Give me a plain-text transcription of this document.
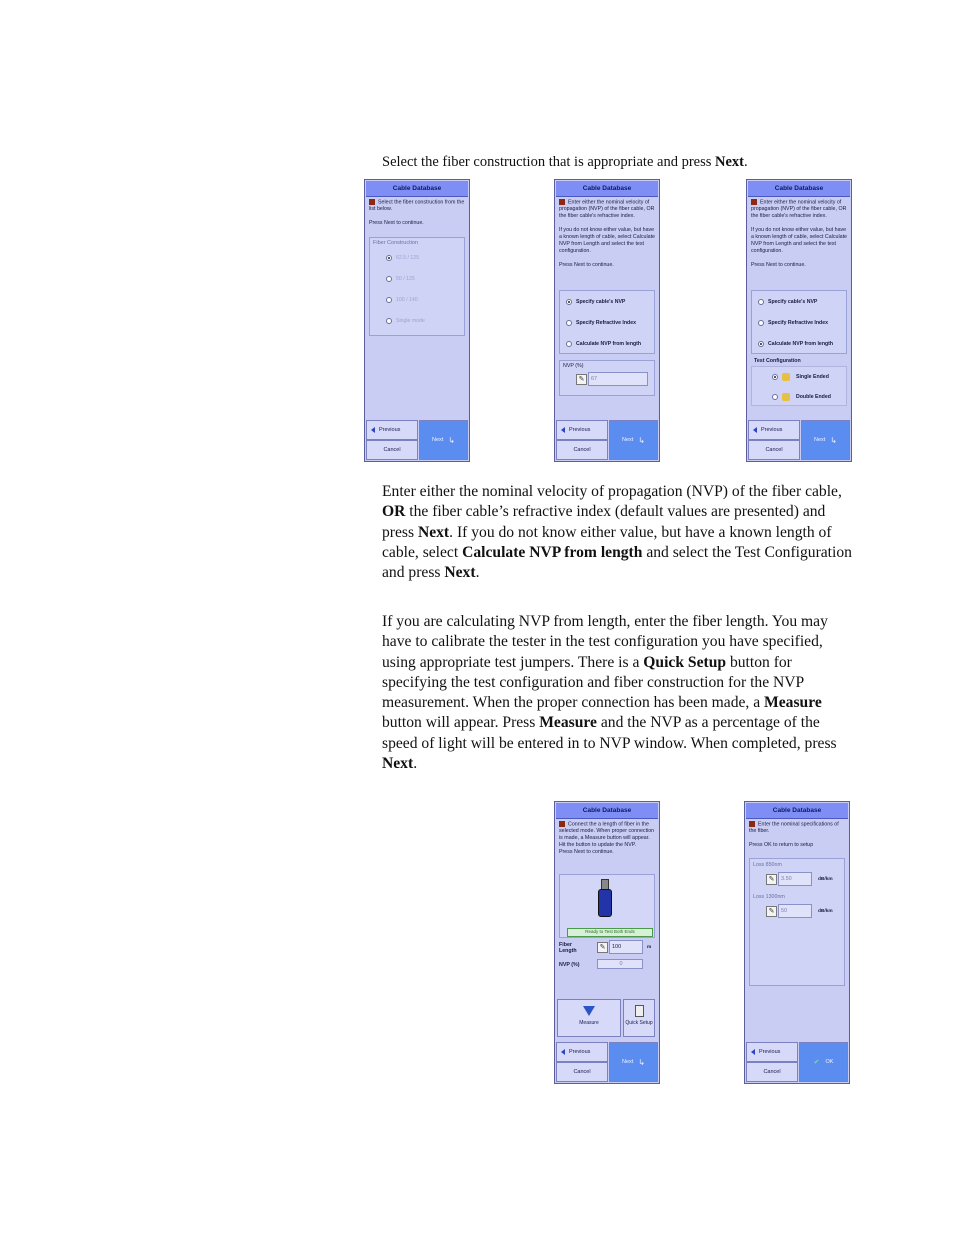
Select the fiber construction that is appropriate and press Next.
Cable Database
Select the fiber construction from the list below.

Press Next to continue.
Fiber Construction
62.5 / 125
50 / 125
100 / 140
Single mode
Previous
Cancel
Next ↳
Cable Database
Enter either the nominal velocity of propagation (NVP) of the fiber cable, OR the fiber cable's refractive index.

If you do not know either value, but have a known length of cable, select Calculate NVP from Length and select the test configuration.

Press Next to continue.
Specify cable's NVP
Specify Refractive Index
Calculate NVP from length
NVP (%)
✎	67
Previous
Cancel
Next ↳
Cable Database
Enter either the nominal velocity of propagation (NVP) of the fiber cable, OR the fiber cable's refractive index.

If you do not know either value, but have a known length of cable, select Calculate NVP from Length and select the test configuration.

Press Next to continue.
Specify cable's NVP
Specify Refractive Index
Calculate NVP from length
Test Configuration
Single Ended
Double Ended
Previous
Cancel
Next ↳

Enter either the nominal velocity of propagation (NVP) of the fiber cable, OR the fiber cable’s refractive index (default values are presented) and press Next. If you do not know either value, but have a known length of cable, select Calculate NVP from length and select the Test Configuration and press Next.

If you are calculating NVP from length, enter the fiber length. You may have to calibrate the tester in the test configuration you have specified, using appropriate test jumpers. There is a Quick Setup button for specifying the test configuration and fiber construction for the NVP measurement. When the proper connection has been made, a Measure button will appear. Press Measure and the NVP as a percentage of the speed of light will be entered in to NVP window. When completed, press Next.

Cable Database
Connect the a length of fiber in the selected mode. When proper connection is made, a Measure button will appear. Hit the button to update the NVP.
Press Next to continue.
Ready to Test Both Ends
Fiber Length	✎	100	m
NVP (%)	0
Measure	Quick Setup
Previous
Cancel
Next ↳
Cable Database
Enter the nominal specifications of the fiber.

Press OK to return to setup
Loss 850nm
✎	3.50	dB/km
Loss 1300nm
✎	50	dB/km
Previous
Cancel
✔ OK
